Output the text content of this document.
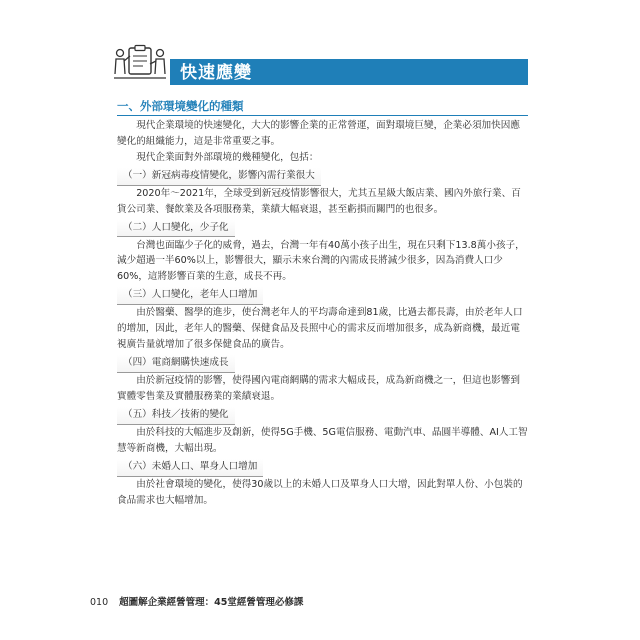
快速應變
一、外部環境變化的種類

現代企業環境的快速變化，大大的影響企業的正常營運，面對環境巨變，企業必須加快因應變化的組織能力，這是非常重要之事。

現代企業面對外部環境的幾種變化，包括：

（一）新冠病毒疫情變化，影響內需行業很大

2020年～2021年，全球受到新冠疫情影響很大，尤其五星級大飯店業、國內外旅行業、百貨公司業、餐飲業及各項服務業，業績大幅衰退，甚至虧損而關門的也很多。

（二）人口變化，少子化

台灣也面臨少子化的威脅，過去，台灣一年有40萬小孩子出生，現在只剩下13.8萬小孩子，減少超過一半60%以上，影響很大，顯示未來台灣的內需成長將減少很多，因為消費人口少60%，這將影響百業的生意，成長不再。

（三）人口變化，老年人口增加

由於醫藥、醫學的進步，使台灣老年人的平均壽命達到81歲，比過去都長壽，由於老年人口的增加，因此，老年人的醫藥、保健食品及長照中心的需求反而增加很多，成為新商機，最近電視廣告量就增加了很多保健食品的廣告。

（四）電商網購快速成長

由於新冠疫情的影響，使得國內電商網購的需求大幅成長，成為新商機之一，但這也影響到實體零售業及實體服務業的業績衰退。

（五）科技／技術的變化

由於科技的大幅進步及創新，使得5G手機、5G電信服務、電動汽車、晶圓半導體、AI人工智慧等新商機，大幅出現。

（六）未婚人口、單身人口增加

由於社會環境的變化，使得30歲以上的未婚人口及單身人口大增，因此對單人份、小包裝的食品需求也大幅增加。

010 超圖解企業經營管理：45堂經營管理必修課
